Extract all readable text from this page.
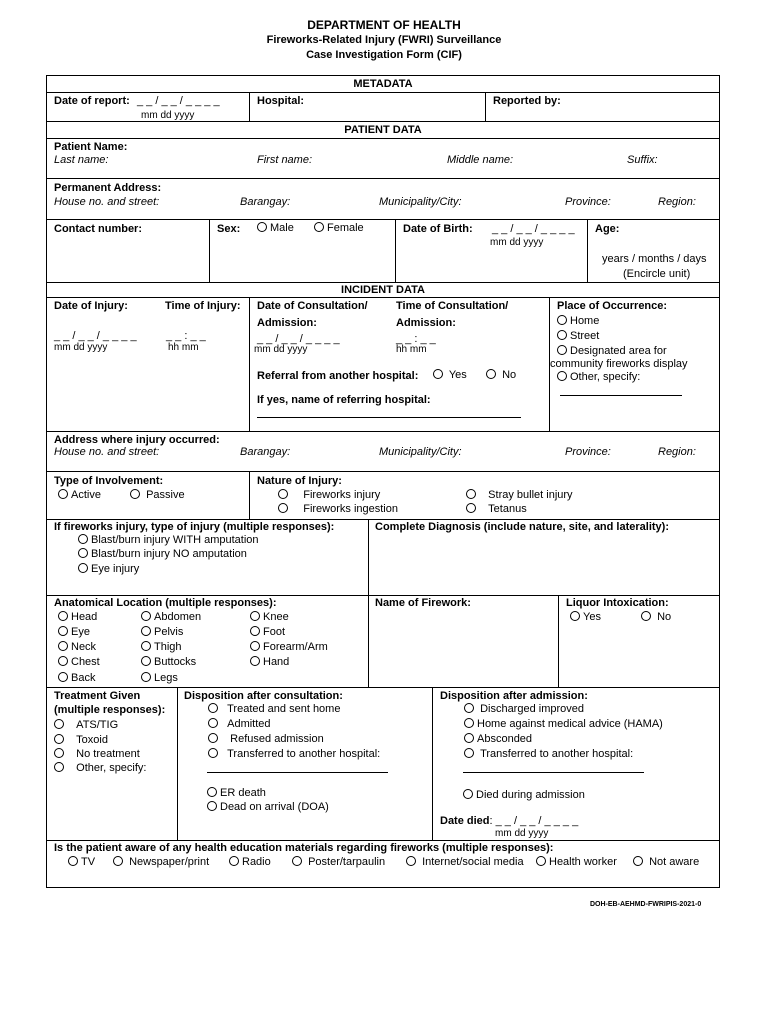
DEPARTMENT OF HEALTH
Fireworks-Related Injury (FWRI) Surveillance
Case Investigation Form (CIF)
METADATA
Date of report: _ _ / _ _ / _ _ _ _
mm dd yyyy
Hospital:	Reported by:
PATIENT DATA
Patient Name:
Last name:	First name:	Middle name:	Suffix:
Permanent Address:
House no. and street:	Barangay:	Municipality/City:	Province:	Region:
Contact number:	Sex:	Male	Female	Date of Birth: _ _ / _ _ / _ _ _ _
mm dd yyyy
Age:
years / months / days
(Encircle unit)
INCIDENT DATA
Date of Injury:	Time of Injury:
_ _ / _ _ / _ _ _ _
mm dd yyyy
_ _ : _ _
hh mm
Date of Consultation/
Admission:
_ _ / _ _ / _ _ _ _
mm dd yyyy
Time of Consultation/
Admission:
_ _ : _ _
hh mm
Referral from another hospital:	Yes	No
If yes, name of referring hospital:
Place of Occurrence:
Home
Street
Designated area for
community fireworks display
Other, specify:
Address where injury occurred:
House no. and street:	Barangay:	Municipality/City:	Province:	Region:
Type of Involvement:
Active	Passive
Nature of Injury:
Fireworks injury
Fireworks ingestion
Stray bullet injury
Tetanus
If fireworks injury, type of injury (multiple responses):
Blast/burn injury WITH amputation
Blast/burn injury NO amputation
Eye injury
Complete Diagnosis (include nature, site, and laterality):
Anatomical Location (multiple responses):
Head
Eye
Neck
Chest
Back
Abdomen
Pelvis
Thigh
Buttocks
Legs
Knee
Foot
Forearm/Arm
Hand
Name of Firework:	Liquor Intoxication:
Yes	No
Treatment Given
(multiple responses):
ATS/TIG
Toxoid
No treatment
Other, specify:
Disposition after consultation:
Treated and sent home
Admitted
Refused admission
Transferred to another hospital:
ER death
Dead on arrival (DOA)
Disposition after admission:
Discharged improved
Home against medical advice (HAMA)
Absconded
Transferred to another hospital:
Died during admission
Date died: _ _ / _ _ / _ _ _ _
mm dd yyyy
Is the patient aware of any health education materials regarding fireworks (multiple responses):
TV	Newspaper/print	Radio	Poster/tarpaulin	Internet/social media	Health worker	Not aware
DOH-EB-AEHMD-FWRIPIS-2021-0
